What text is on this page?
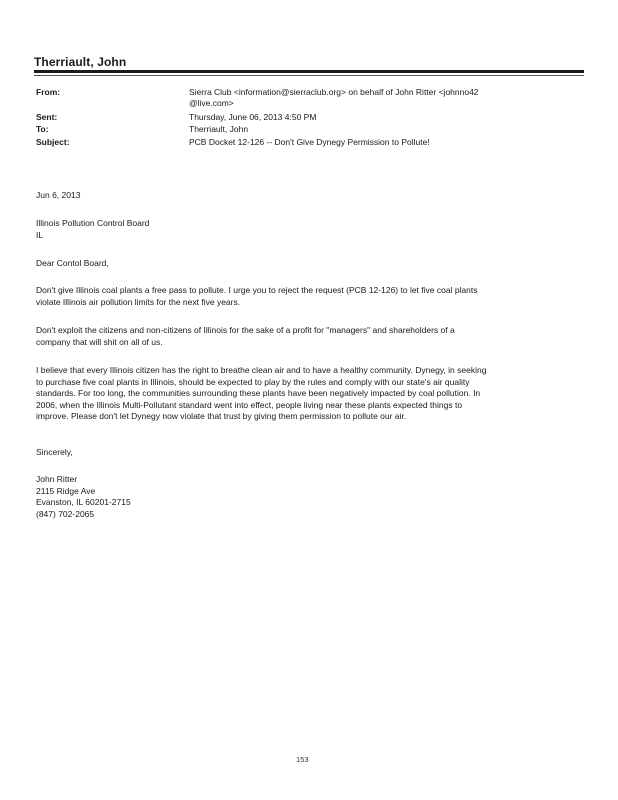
Therriault, John
From:	Sierra Club <information@sierraclub.org> on behalf of John Ritter <johnno42
@live.com>
Sent:	Thursday, June 06, 2013 4:50 PM
To:	Therriault, John
Subject:	PCB Docket 12-126 -- Don't Give Dynegy Permission to Pollute!
Jun 6, 2013
Illinois Pollution Control Board
IL
Dear Contol Board,
Don't give Illinois coal plants a free pass to pollute. I urge you to reject the request (PCB 12-126) to let five coal plants
violate Illinois air pollution limits for the next five years.
Don't exploit the citizens and non-citizens of Illinois for the sake of a profit for "managers" and shareholders of a
company that will shit on all of us.
I believe that every Illinois citizen has the right to breathe clean air and to have a healthy community. Dynegy, in seeking
to purchase five coal plants in Illinois, should be expected to play by the rules and comply with our state's air quality
standards. For too long, the communities surrounding these plants have been negatively impacted by coal pollution. In
2006, when the Illinois Multi-Pollutant standard went into effect, people living near these plants expected things to
improve. Please don't let Dynegy now violate that trust by giving them permission to pollute our air.
Sincerely,
John Ritter
2115 Ridge Ave
Evanston, IL 60201-2715
(847) 702-2065
153
